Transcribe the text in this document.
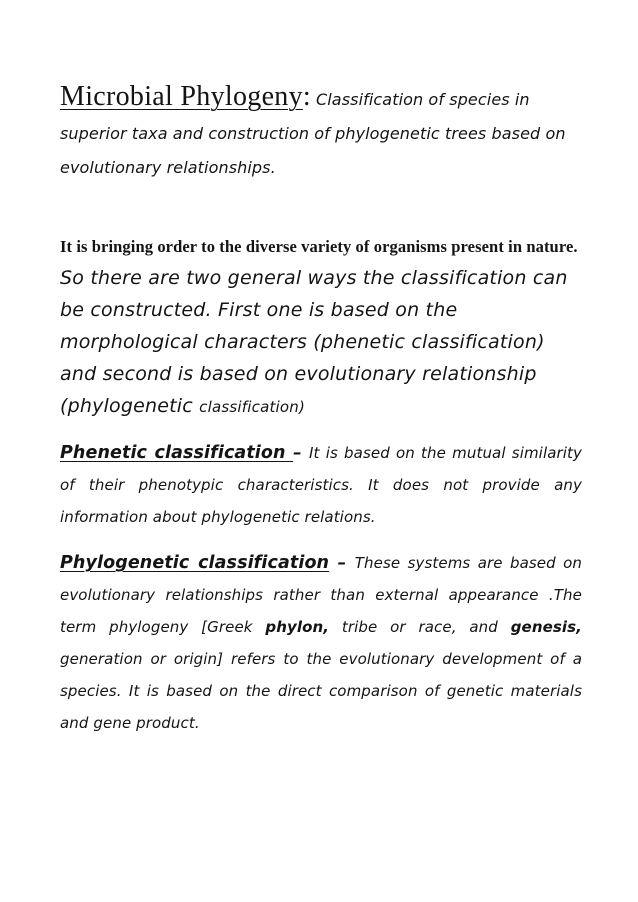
Microbial Phylogeny: Classification of species in superior taxa and construction of phylogenetic trees based on evolutionary relationships.

It is bringing order to the diverse variety of organisms present in nature.

So there are two general ways the classification can be constructed. First one is based on the morphological characters (phenetic classification) and second is based on evolutionary relationship (phylogenetic classification)

Phenetic classification – It is based on the mutual similarity of their phenotypic characteristics. It does not provide any information about phylogenetic relations.

Phylogenetic classification – These systems are based on evolutionary relationships rather than external appearance .The term phylogeny [Greek phylon, tribe or race, and genesis, generation or origin] refers to the evolutionary development of a species. It is based on the direct comparison of genetic materials and gene product.
